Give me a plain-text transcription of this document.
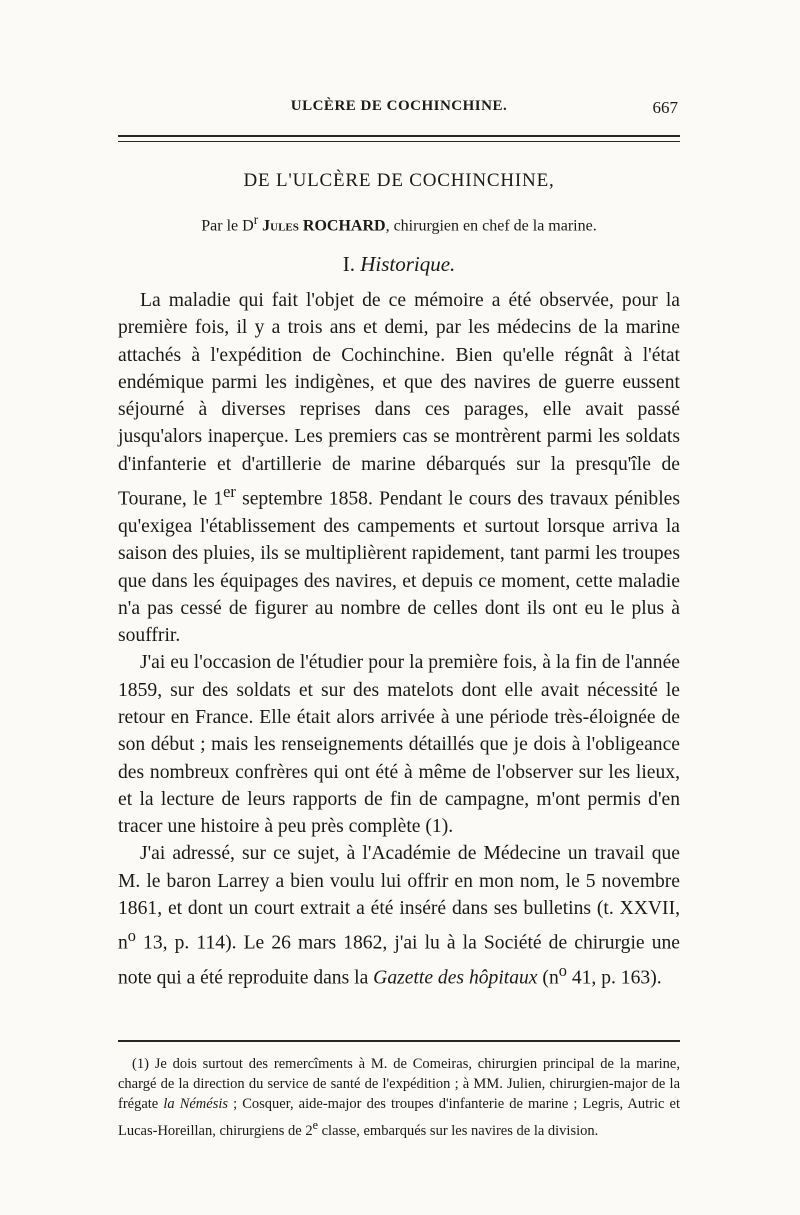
ULCÈRE DE COCHINCHINE.	667
DE L'ULCÈRE DE COCHINCHINE,
Par le $D^r$ Jules ROCHARD, chirurgien en chef de la marine.
I. Historique.

La maladie qui fait l'objet de ce mémoire a été observée, pour la première fois, il y a trois ans et demi, par les médecins de la marine attachés à l'expédition de Cochinchine. Bien qu'elle régnât à l'état endémique parmi les indigènes, et que des navires de guerre eussent séjourné à diverses reprises dans ces parages, elle avait passé jusqu'alors inaperçue. Les premiers cas se montrèrent parmi les soldats d'infanterie et d'artillerie de marine débarqués sur la presqu'île de Tourane, le 1er septembre 1858. Pendant le cours des travaux pénibles qu'exigea l'établissement des campements et surtout lorsque arriva la saison des pluies, ils se multiplièrent rapidement, tant parmi les troupes que dans les équipages des navires, et depuis ce moment, cette maladie n'a pas cessé de figurer au nombre de celles dont ils ont eu le plus à souffrir.

J'ai eu l'occasion de l'étudier pour la première fois, à la fin de l'année 1859, sur des soldats et sur des matelots dont elle avait nécessité le retour en France. Elle était alors arrivée à une période très-éloignée de son début ; mais les renseignements détaillés que je dois à l'obligeance des nombreux confrères qui ont été à même de l'observer sur les lieux, et la lecture de leurs rapports de fin de campagne, m'ont permis d'en tracer une histoire à peu près complète (1).

J'ai adressé, sur ce sujet, à l'Académie de Médecine un travail que M. le baron Larrey a bien voulu lui offrir en mon nom, le 5 novembre 1861, et dont un court extrait a été inséré dans ses bulletins (t. XXVII, $n^o$ 13, p. 114). Le 26 mars 1862, j'ai lu à la Société de chirurgie une note qui a été reproduite dans la Gazette des hôpitaux ($n^o$ 41, p. 163).

(1) Je dois surtout des remercîments à M. de Comeiras, chirurgien principal de la marine, chargé de la direction du service de santé de l'expédition ; à MM. Julien, chirurgien-major de la frégate la Némésis ; Cosquer, aide-major des troupes d'infanterie de marine ; Legris, Autric et Lucas-Horeillan, chirurgiens de 2e classe, embarqués sur les navires de la division.
